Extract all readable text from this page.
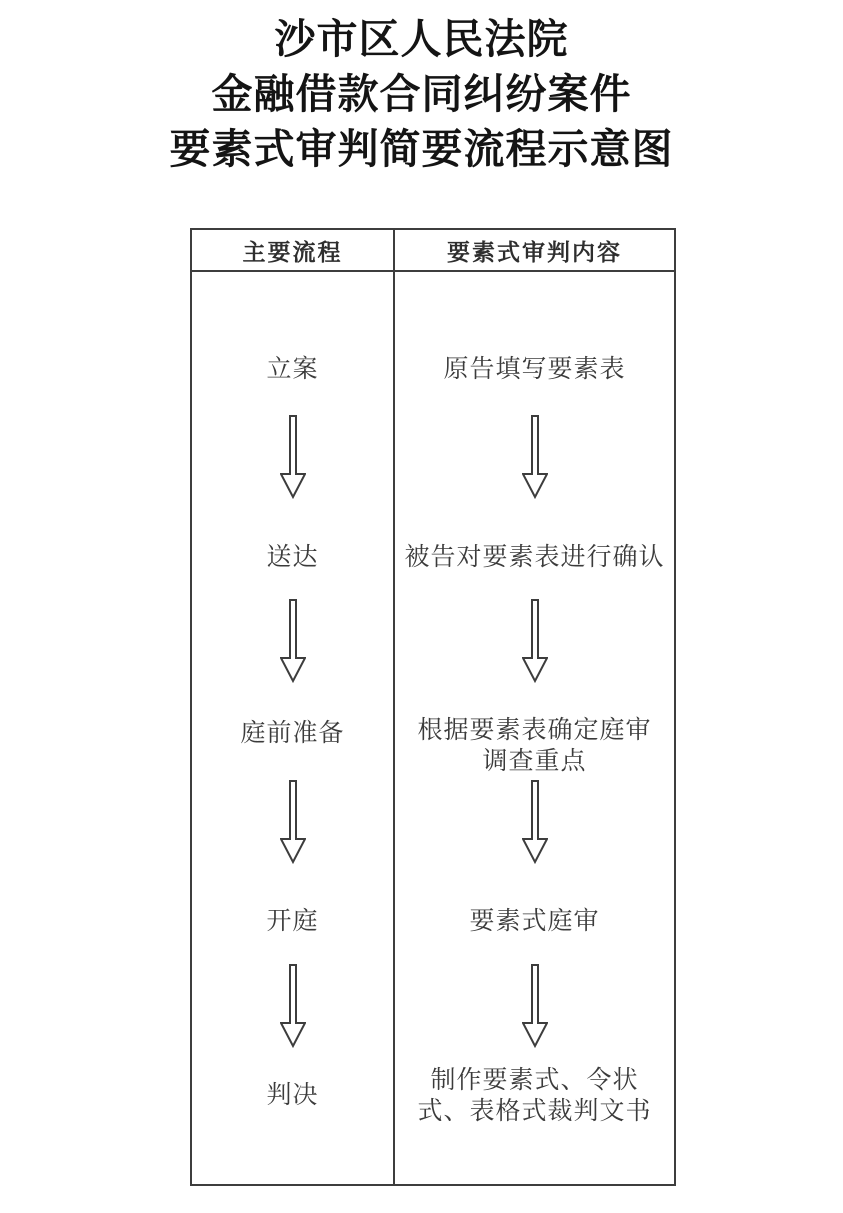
沙市区人民法院
金融借款合同纠纷案件
要素式审判简要流程示意图
主要流程	要素式审判内容
立案
送达
庭前准备
开庭
判决
原告填写要素表
被告对要素表进行确认
根据要素表确定庭审
调查重点
要素式庭审
制作要素式、令状
式、表格式裁判文书
